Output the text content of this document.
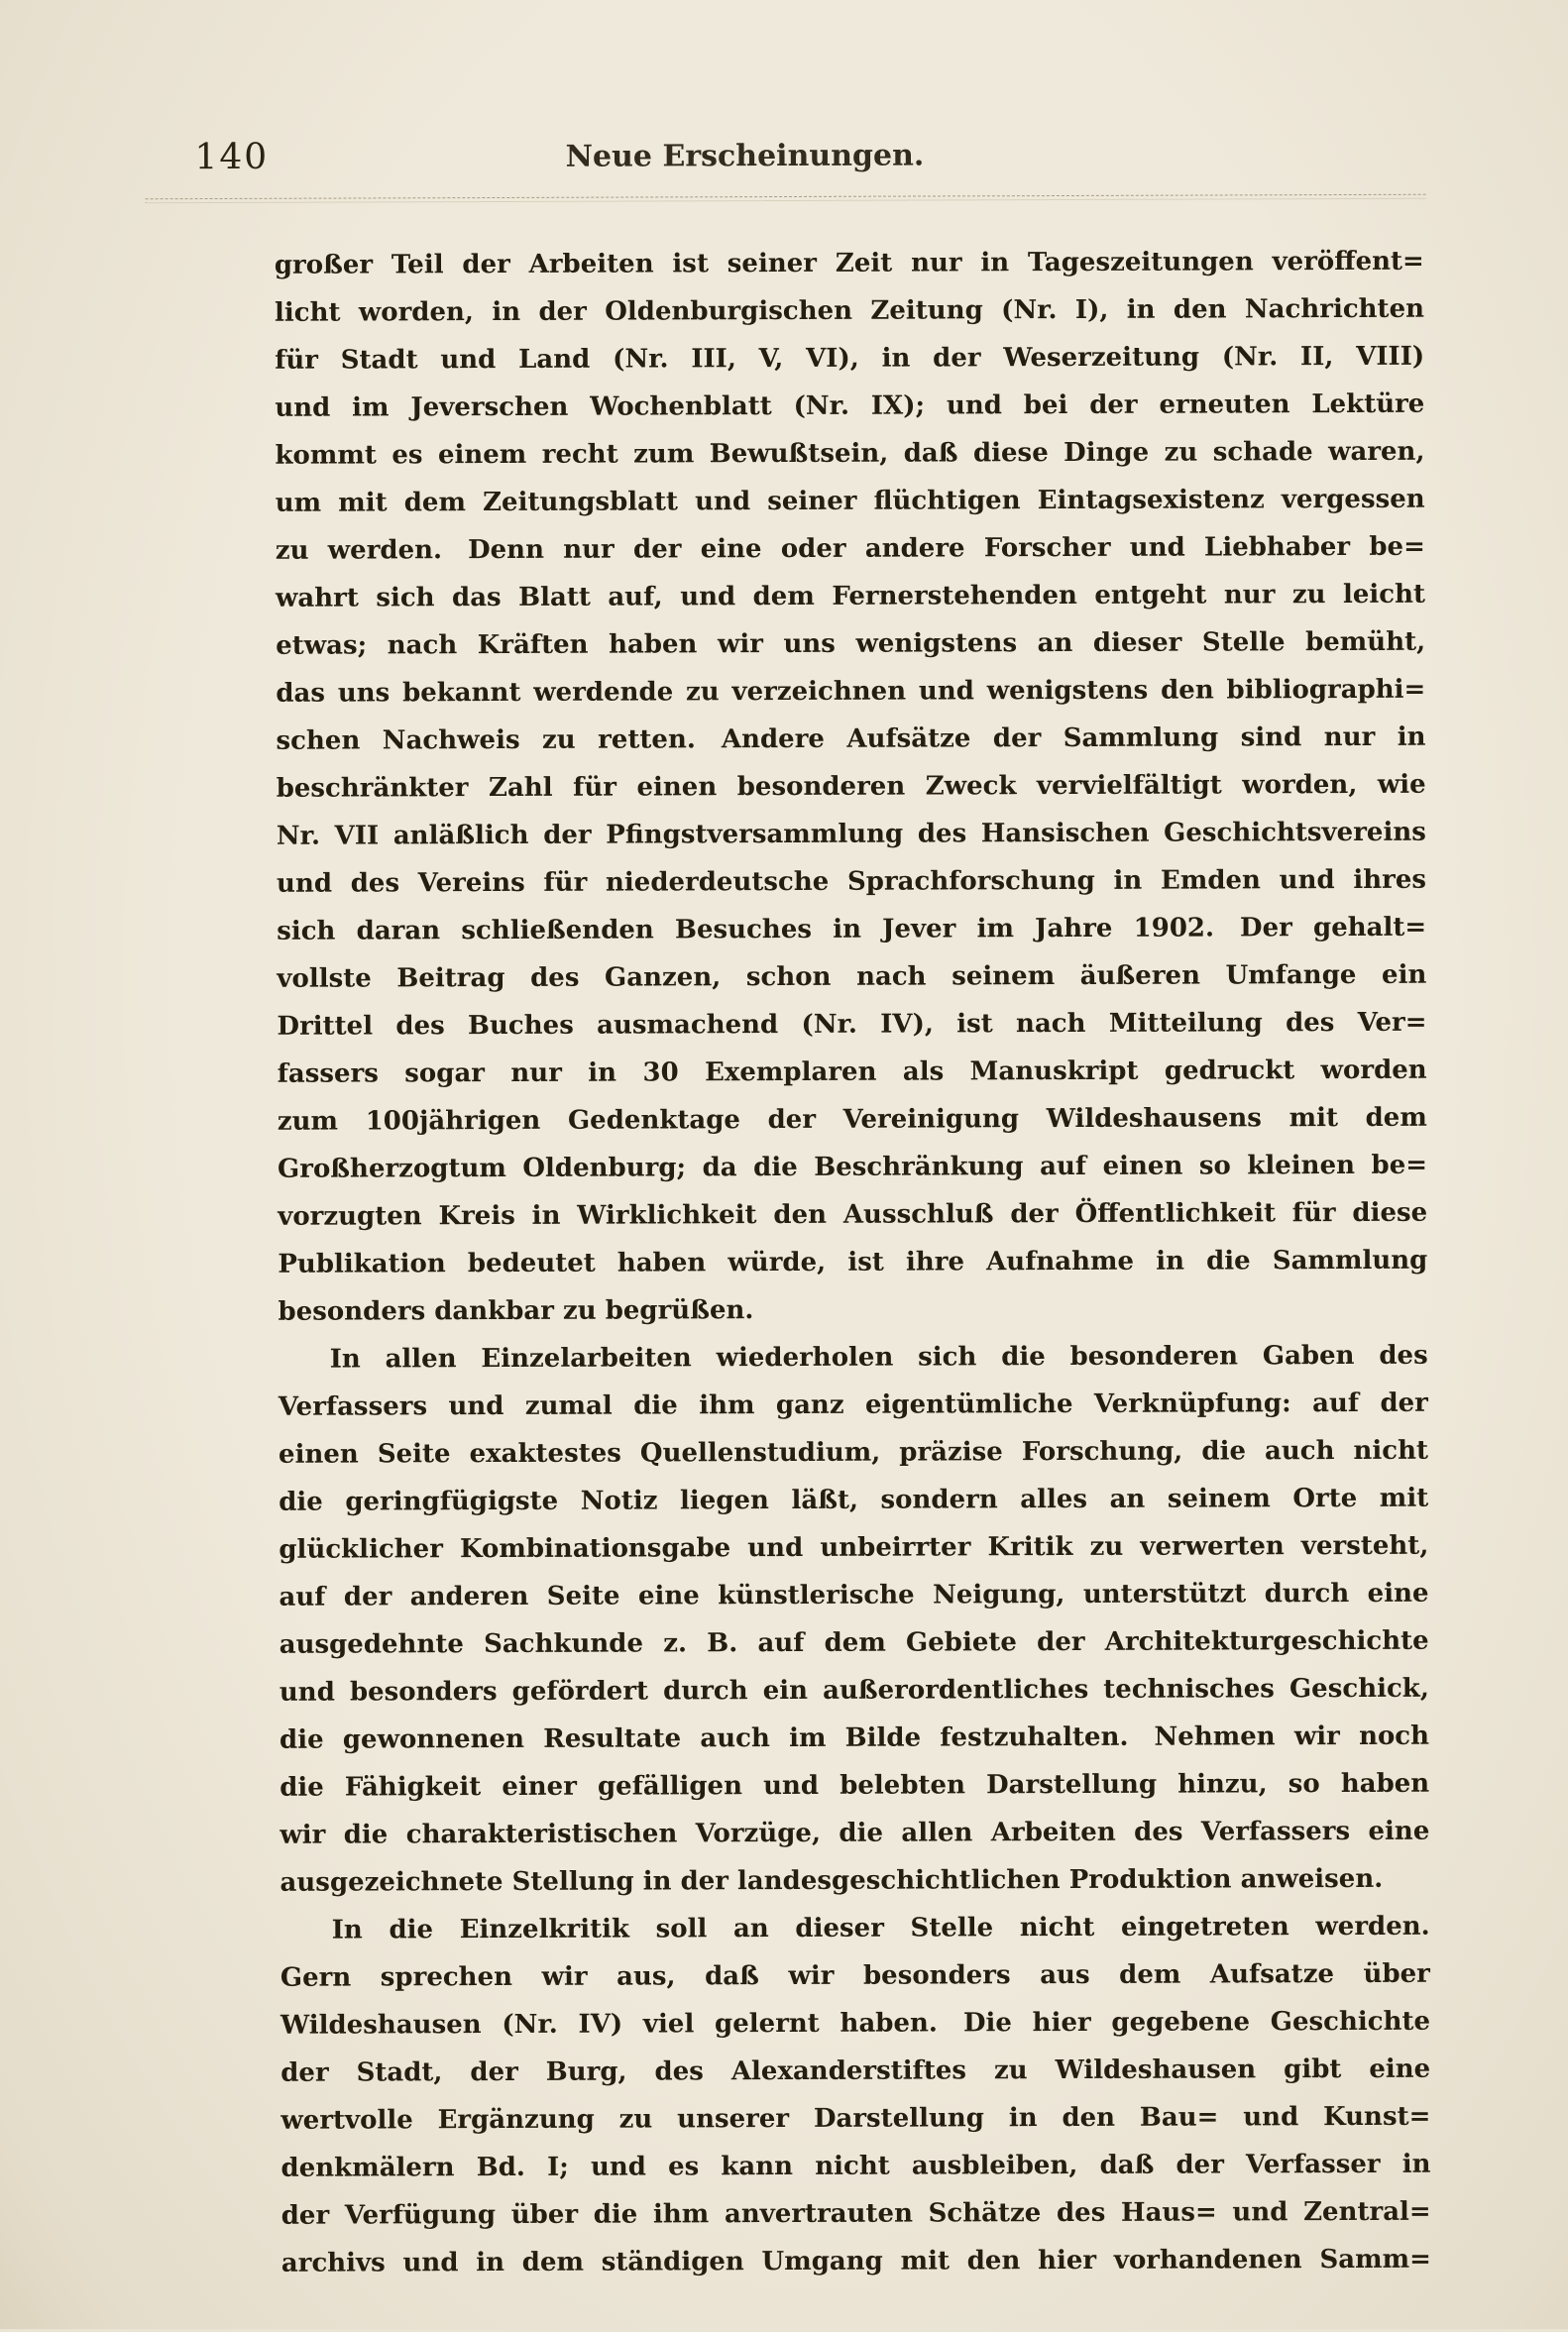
140	Neue Erscheinungen.
großer Teil der Arbeiten ist seiner Zeit nur in Tageszeitungen veröffent=
licht worden, in der Oldenburgischen Zeitung (Nr. I), in den Nachrichten
für Stadt und Land (Nr. III, V, VI), in der Weserzeitung (Nr. II, VIII)
und im Jeverschen Wochenblatt (Nr. IX); und bei der erneuten Lektüre
kommt es einem recht zum Bewußtsein, daß diese Dinge zu schade waren,
um mit dem Zeitungsblatt und seiner flüchtigen Eintagsexistenz vergessen
zu werden. Denn nur der eine oder andere Forscher und Liebhaber be=
wahrt sich das Blatt auf, und dem Fernerstehenden entgeht nur zu leicht
etwas; nach Kräften haben wir uns wenigstens an dieser Stelle bemüht,
das uns bekannt werdende zu verzeichnen und wenigstens den bibliographi=
schen Nachweis zu retten. Andere Aufsätze der Sammlung sind nur in
beschränkter Zahl für einen besonderen Zweck vervielfältigt worden, wie
Nr. VII anläßlich der Pfingstversammlung des Hansischen Geschichtsvereins
und des Vereins für niederdeutsche Sprachforschung in Emden und ihres
sich daran schließenden Besuches in Jever im Jahre 1902. Der gehalt=
vollste Beitrag des Ganzen, schon nach seinem äußeren Umfange ein
Drittel des Buches ausmachend (Nr. IV), ist nach Mitteilung des Ver=
fassers sogar nur in 30 Exemplaren als Manuskript gedruckt worden
zum 100jährigen Gedenktage der Vereinigung Wildeshausens mit dem
Großherzogtum Oldenburg; da die Beschränkung auf einen so kleinen be=
vorzugten Kreis in Wirklichkeit den Ausschluß der Öffentlichkeit für diese
Publikation bedeutet haben würde, ist ihre Aufnahme in die Sammlung
besonders dankbar zu begrüßen.
In allen Einzelarbeiten wiederholen sich die besonderen Gaben des
Verfassers und zumal die ihm ganz eigentümliche Verknüpfung: auf der
einen Seite exaktestes Quellenstudium, präzise Forschung, die auch nicht
die geringfügigste Notiz liegen läßt, sondern alles an seinem Orte mit
glücklicher Kombinationsgabe und unbeirrter Kritik zu verwerten versteht,
auf der anderen Seite eine künstlerische Neigung, unterstützt durch eine
ausgedehnte Sachkunde z. B. auf dem Gebiete der Architekturgeschichte
und besonders gefördert durch ein außerordentliches technisches Geschick,
die gewonnenen Resultate auch im Bilde festzuhalten. Nehmen wir noch
die Fähigkeit einer gefälligen und belebten Darstellung hinzu, so haben
wir die charakteristischen Vorzüge, die allen Arbeiten des Verfassers eine
ausgezeichnete Stellung in der landesgeschichtlichen Produktion anweisen.
In die Einzelkritik soll an dieser Stelle nicht eingetreten werden.
Gern sprechen wir aus, daß wir besonders aus dem Aufsatze über
Wildeshausen (Nr. IV) viel gelernt haben. Die hier gegebene Geschichte
der Stadt, der Burg, des Alexanderstiftes zu Wildeshausen gibt eine
wertvolle Ergänzung zu unserer Darstellung in den Bau= und Kunst=
denkmälern Bd. I; und es kann nicht ausbleiben, daß der Verfasser in
der Verfügung über die ihm anvertrauten Schätze des Haus= und Zentral=
archivs und in dem ständigen Umgang mit den hier vorhandenen Samm=
